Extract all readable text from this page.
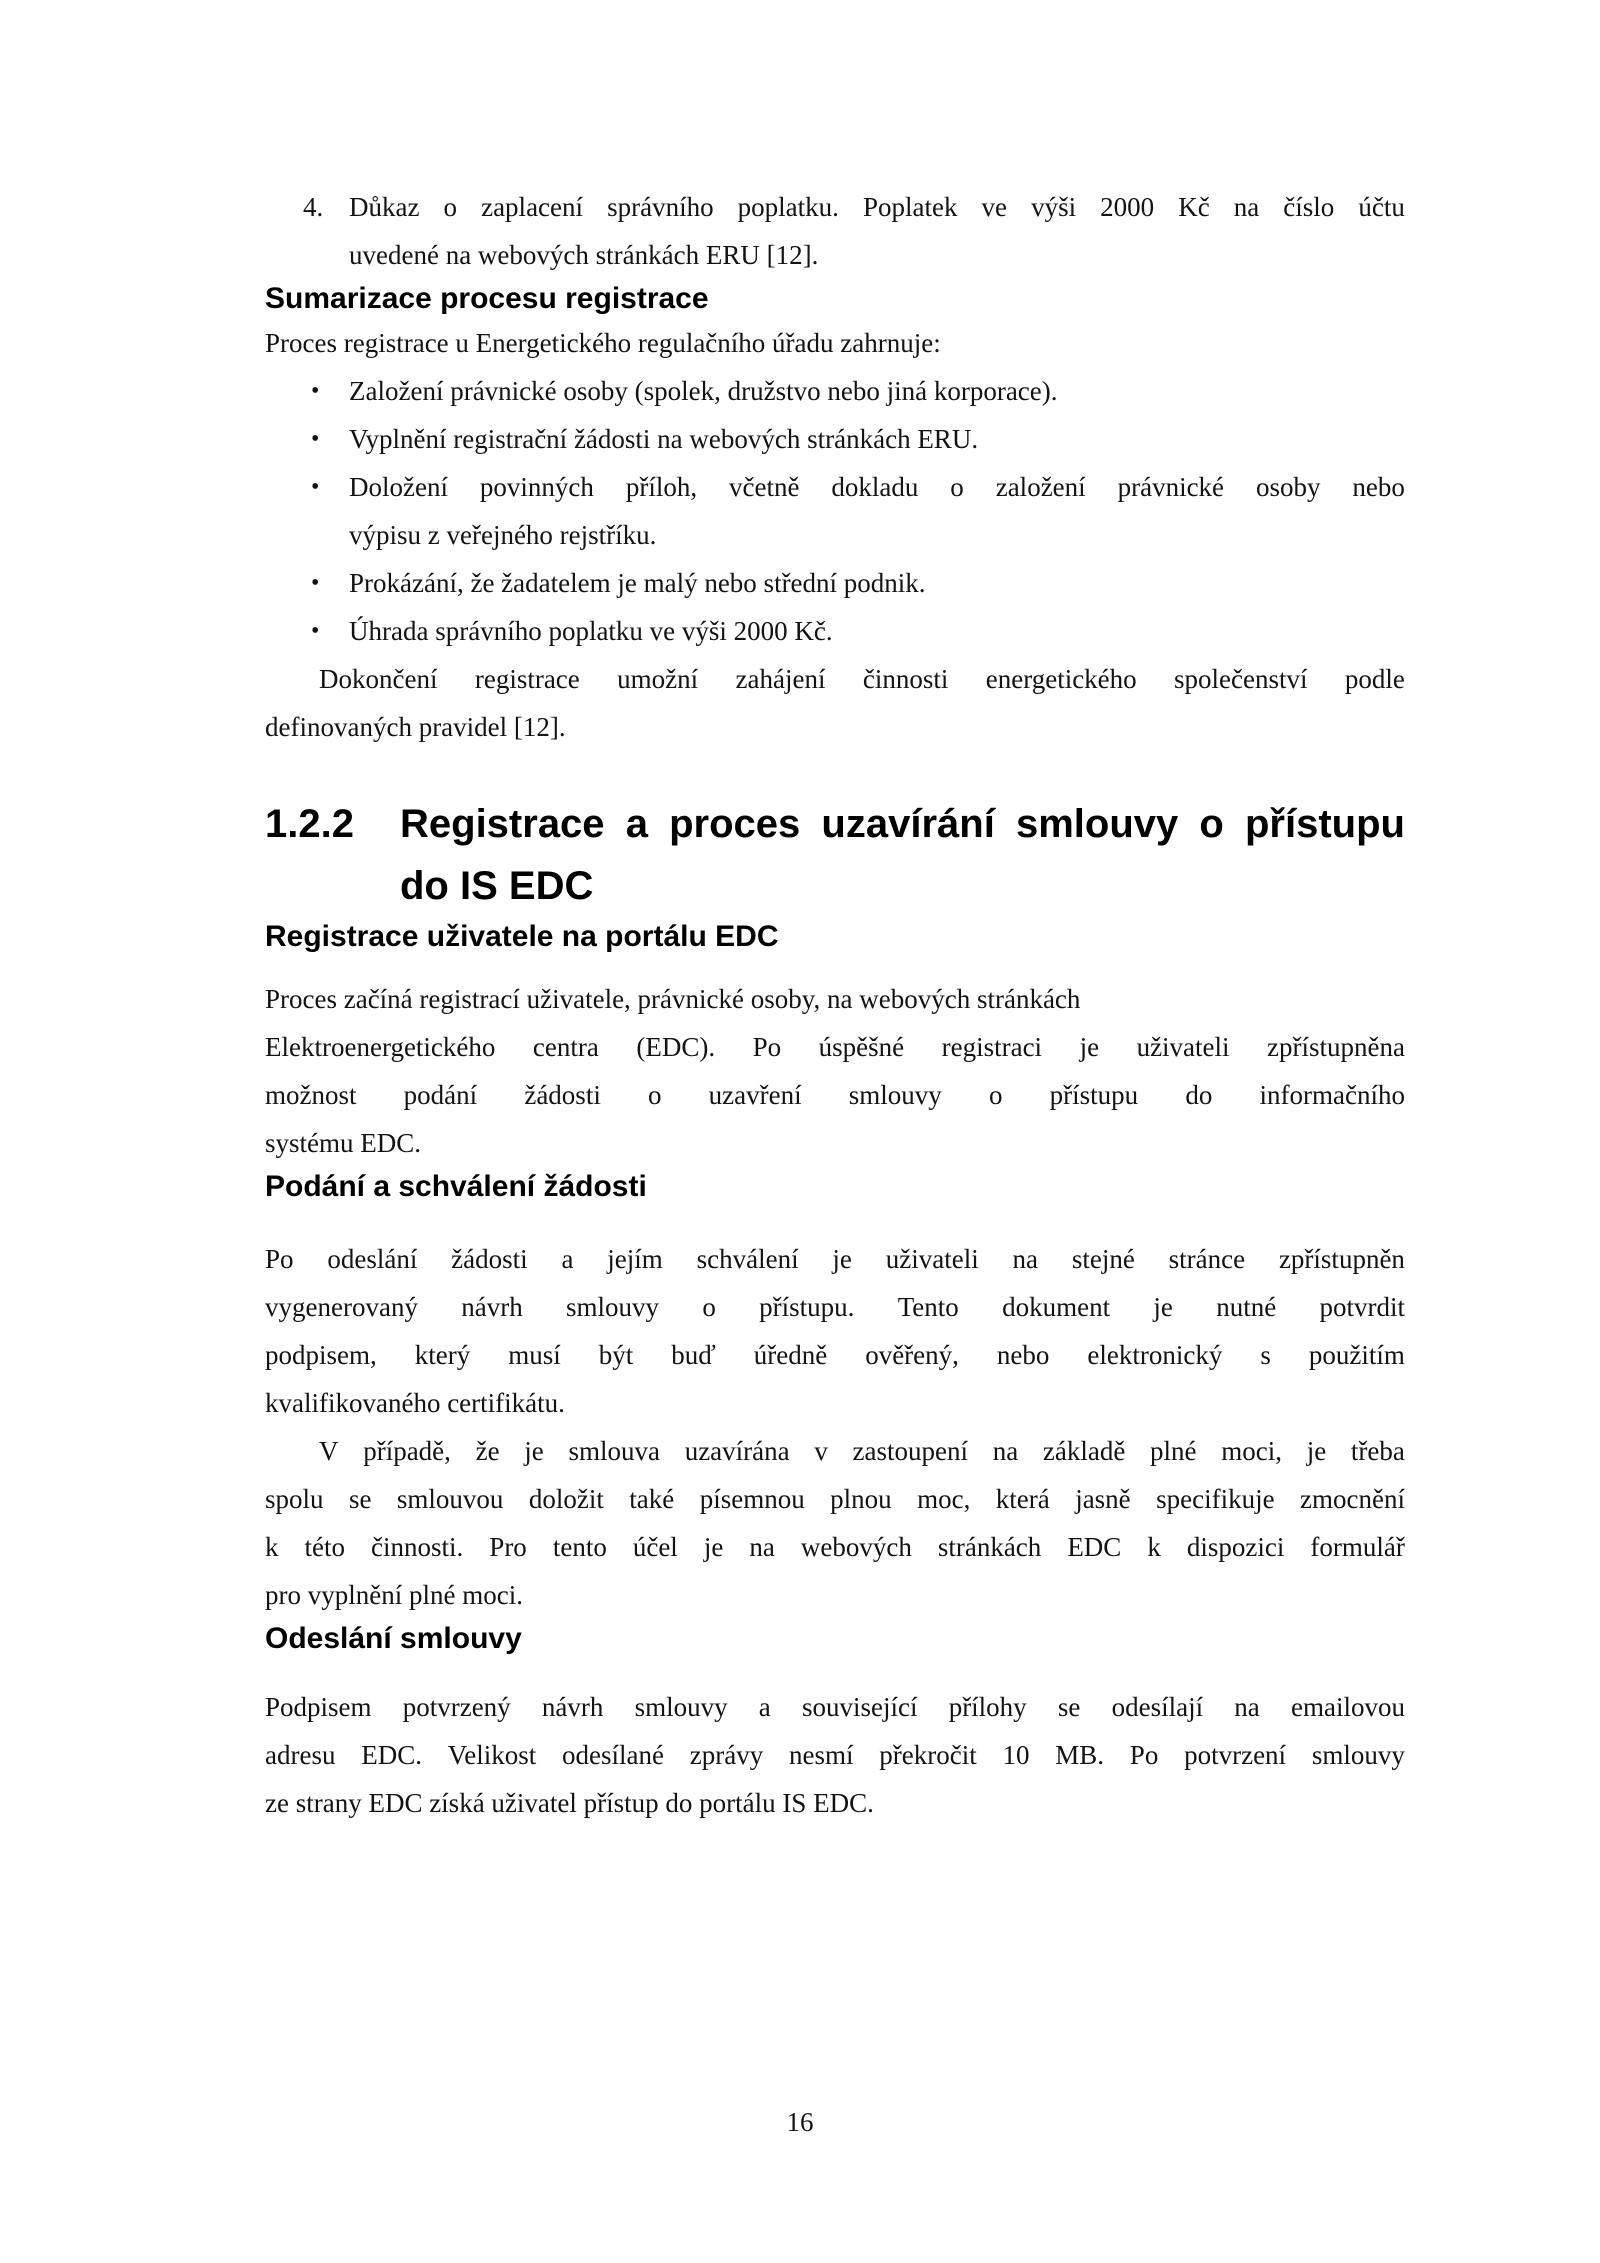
4. Důkaz o zaplacení správního poplatku. Poplatek ve výši 2000 Kč na číslo účtu
uvedené na webových stránkách ERU [12].
Sumarizace procesu registrace
Proces registrace u Energetického regulačního úřadu zahrnuje:
• Založení právnické osoby (spolek, družstvo nebo jiná korporace).
• Vyplnění registrační žádosti na webových stránkách ERU.
• Doložení povinných příloh, včetně dokladu o založení právnické osoby nebo
výpisu z veřejného rejstříku.
• Prokázání, že žadatelem je malý nebo střední podnik.
• Úhrada správního poplatku ve výši 2000 Kč.
Dokončení registrace umožní zahájení činnosti energetického společenství podle
definovaných pravidel [12].
1.2.2	Registrace a proces uzavírání smlouvy o přístupu
do IS EDC
Registrace uživatele na portálu EDC
Proces začíná registrací uživatele, právnické osoby, na webových stránkách
Elektroenergetického centra (EDC). Po úspěšné registraci je uživateli zpřístupněna
možnost podání žádosti o uzavření smlouvy o přístupu do informačního
systému EDC.
Podání a schválení žádosti
Po odeslání žádosti a jejím schválení je uživateli na stejné stránce zpřístupněn
vygenerovaný návrh smlouvy o přístupu. Tento dokument je nutné potvrdit
podpisem, který musí být buď úředně ověřený, nebo elektronický s použitím
kvalifikovaného certifikátu.
V případě, že je smlouva uzavírána v zastoupení na základě plné moci, je třeba
spolu se smlouvou doložit také písemnou plnou moc, která jasně specifikuje zmocnění
k této činnosti. Pro tento účel je na webových stránkách EDC k dispozici formulář
pro vyplnění plné moci.
Odeslání smlouvy
Podpisem potvrzený návrh smlouvy a související přílohy se odesílají na emailovou
adresu EDC. Velikost odesílané zprávy nesmí překročit 10 MB. Po potvrzení smlouvy
ze strany EDC získá uživatel přístup do portálu IS EDC.
16
